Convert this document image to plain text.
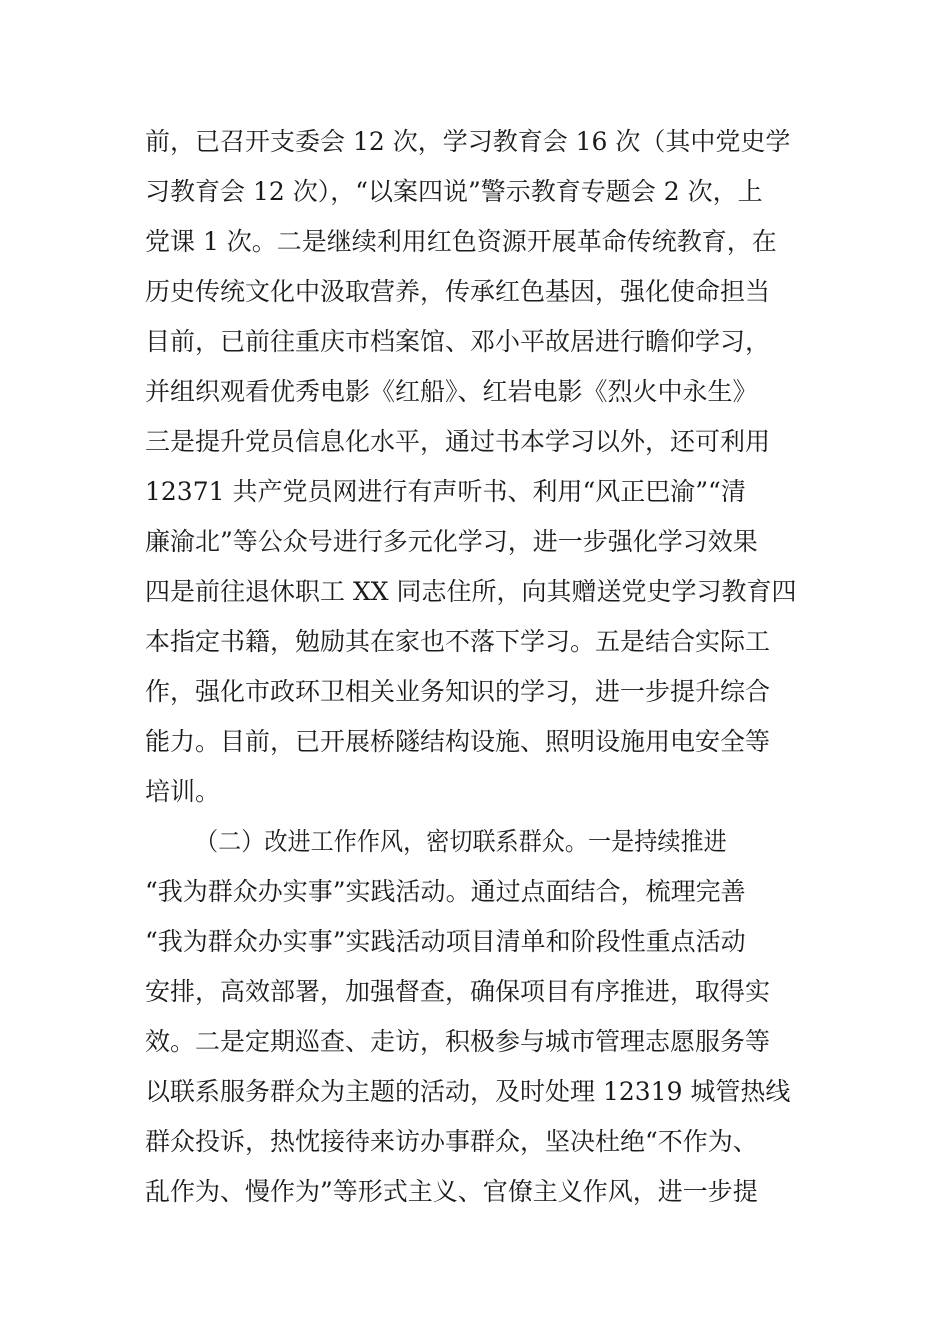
前，已召开支委会 12 次，学习教育会 16 次（其中党史学
习教育会 12 次），“以案四说”警示教育专题会 2 次，上
党课 1 次。二是继续利用红色资源开展革命传统教育，在
历史传统文化中汲取营养，传承红色基因，强化使命担当
目前，已前往重庆市档案馆、邓小平故居进行瞻仰学习，
并组织观看优秀电影《红船》、红岩电影《烈火中永生》
三是提升党员信息化水平，通过书本学习以外，还可利用
12371 共产党员网进行有声听书、利用“风正巴渝”“清
廉渝北”等公众号进行多元化学习，进一步强化学习效果
四是前往退休职工 XX 同志住所，向其赠送党史学习教育四
本指定书籍，勉励其在家也不落下学习。五是结合实际工
作，强化市政环卫相关业务知识的学习，进一步提升综合
能力。目前，已开展桥隧结构设施、照明设施用电安全等
培训。
（二）改进工作作风，密切联系群众。一是持续推进
“我为群众办实事”实践活动。通过点面结合，梳理完善
“我为群众办实事”实践活动项目清单和阶段性重点活动
安排，高效部署，加强督查，确保项目有序推进，取得实
效。二是定期巡查、走访，积极参与城市管理志愿服务等
以联系服务群众为主题的活动，及时处理 12319 城管热线
群众投诉，热忱接待来访办事群众，坚决杜绝“不作为、
乱作为、慢作为”等形式主义、官僚主义作风，进一步提
